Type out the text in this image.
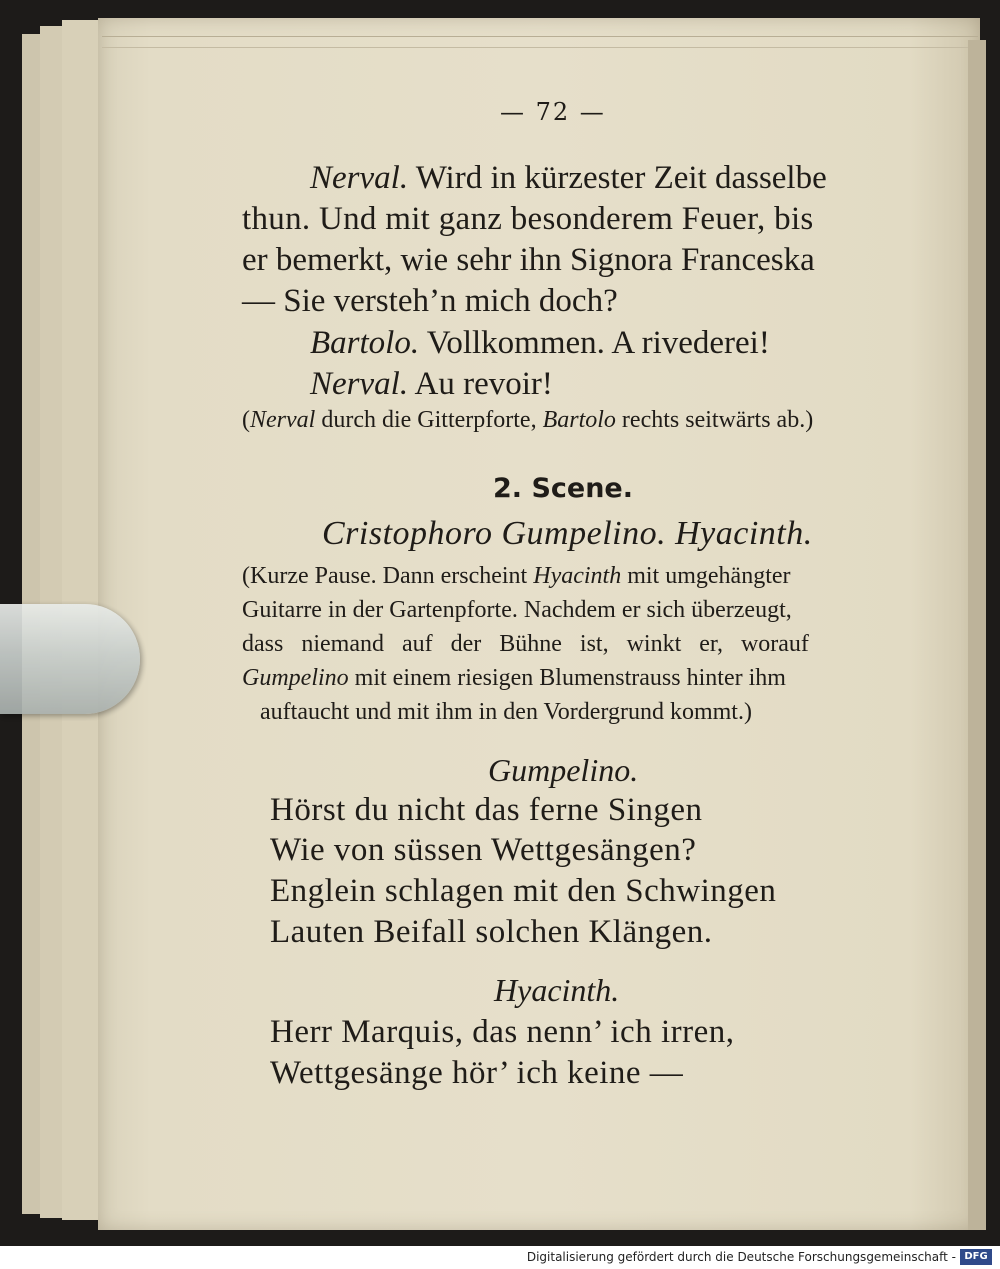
— 72 —
Nerval. Wird in kürzester Zeit dasselbe
thun. Und mit ganz besonderem Feuer, bis
er bemerkt, wie sehr ihn Signora Franceska
— Sie versteh’n mich doch?
Bartolo. Vollkommen. A rivederei!
Nerval. Au revoir!
(Nerval durch die Gitterpforte, Bartolo rechts seitwärts ab.)
2. Scene.
Cristophoro Gumpelino. Hyacinth.
(Kurze Pause. Dann erscheint Hyacinth mit umgehängter
Guitarre in der Gartenpforte. Nachdem er sich überzeugt,
dass niemand auf der Bühne ist, winkt er, worauf
Gumpelino mit einem riesigen Blumenstrauss hinter ihm
auftaucht und mit ihm in den Vordergrund kommt.)
Gumpelino.
Hörst du nicht das ferne Singen
Wie von süssen Wettgesängen?
Englein schlagen mit den Schwingen
Lauten Beifall solchen Klängen.
Hyacinth.
Herr Marquis, das nenn’ ich irren,
Wettgesänge hör’ ich keine —
Digitalisierung gefördert durch die Deutsche Forschungsgemeinschaft - DFG
